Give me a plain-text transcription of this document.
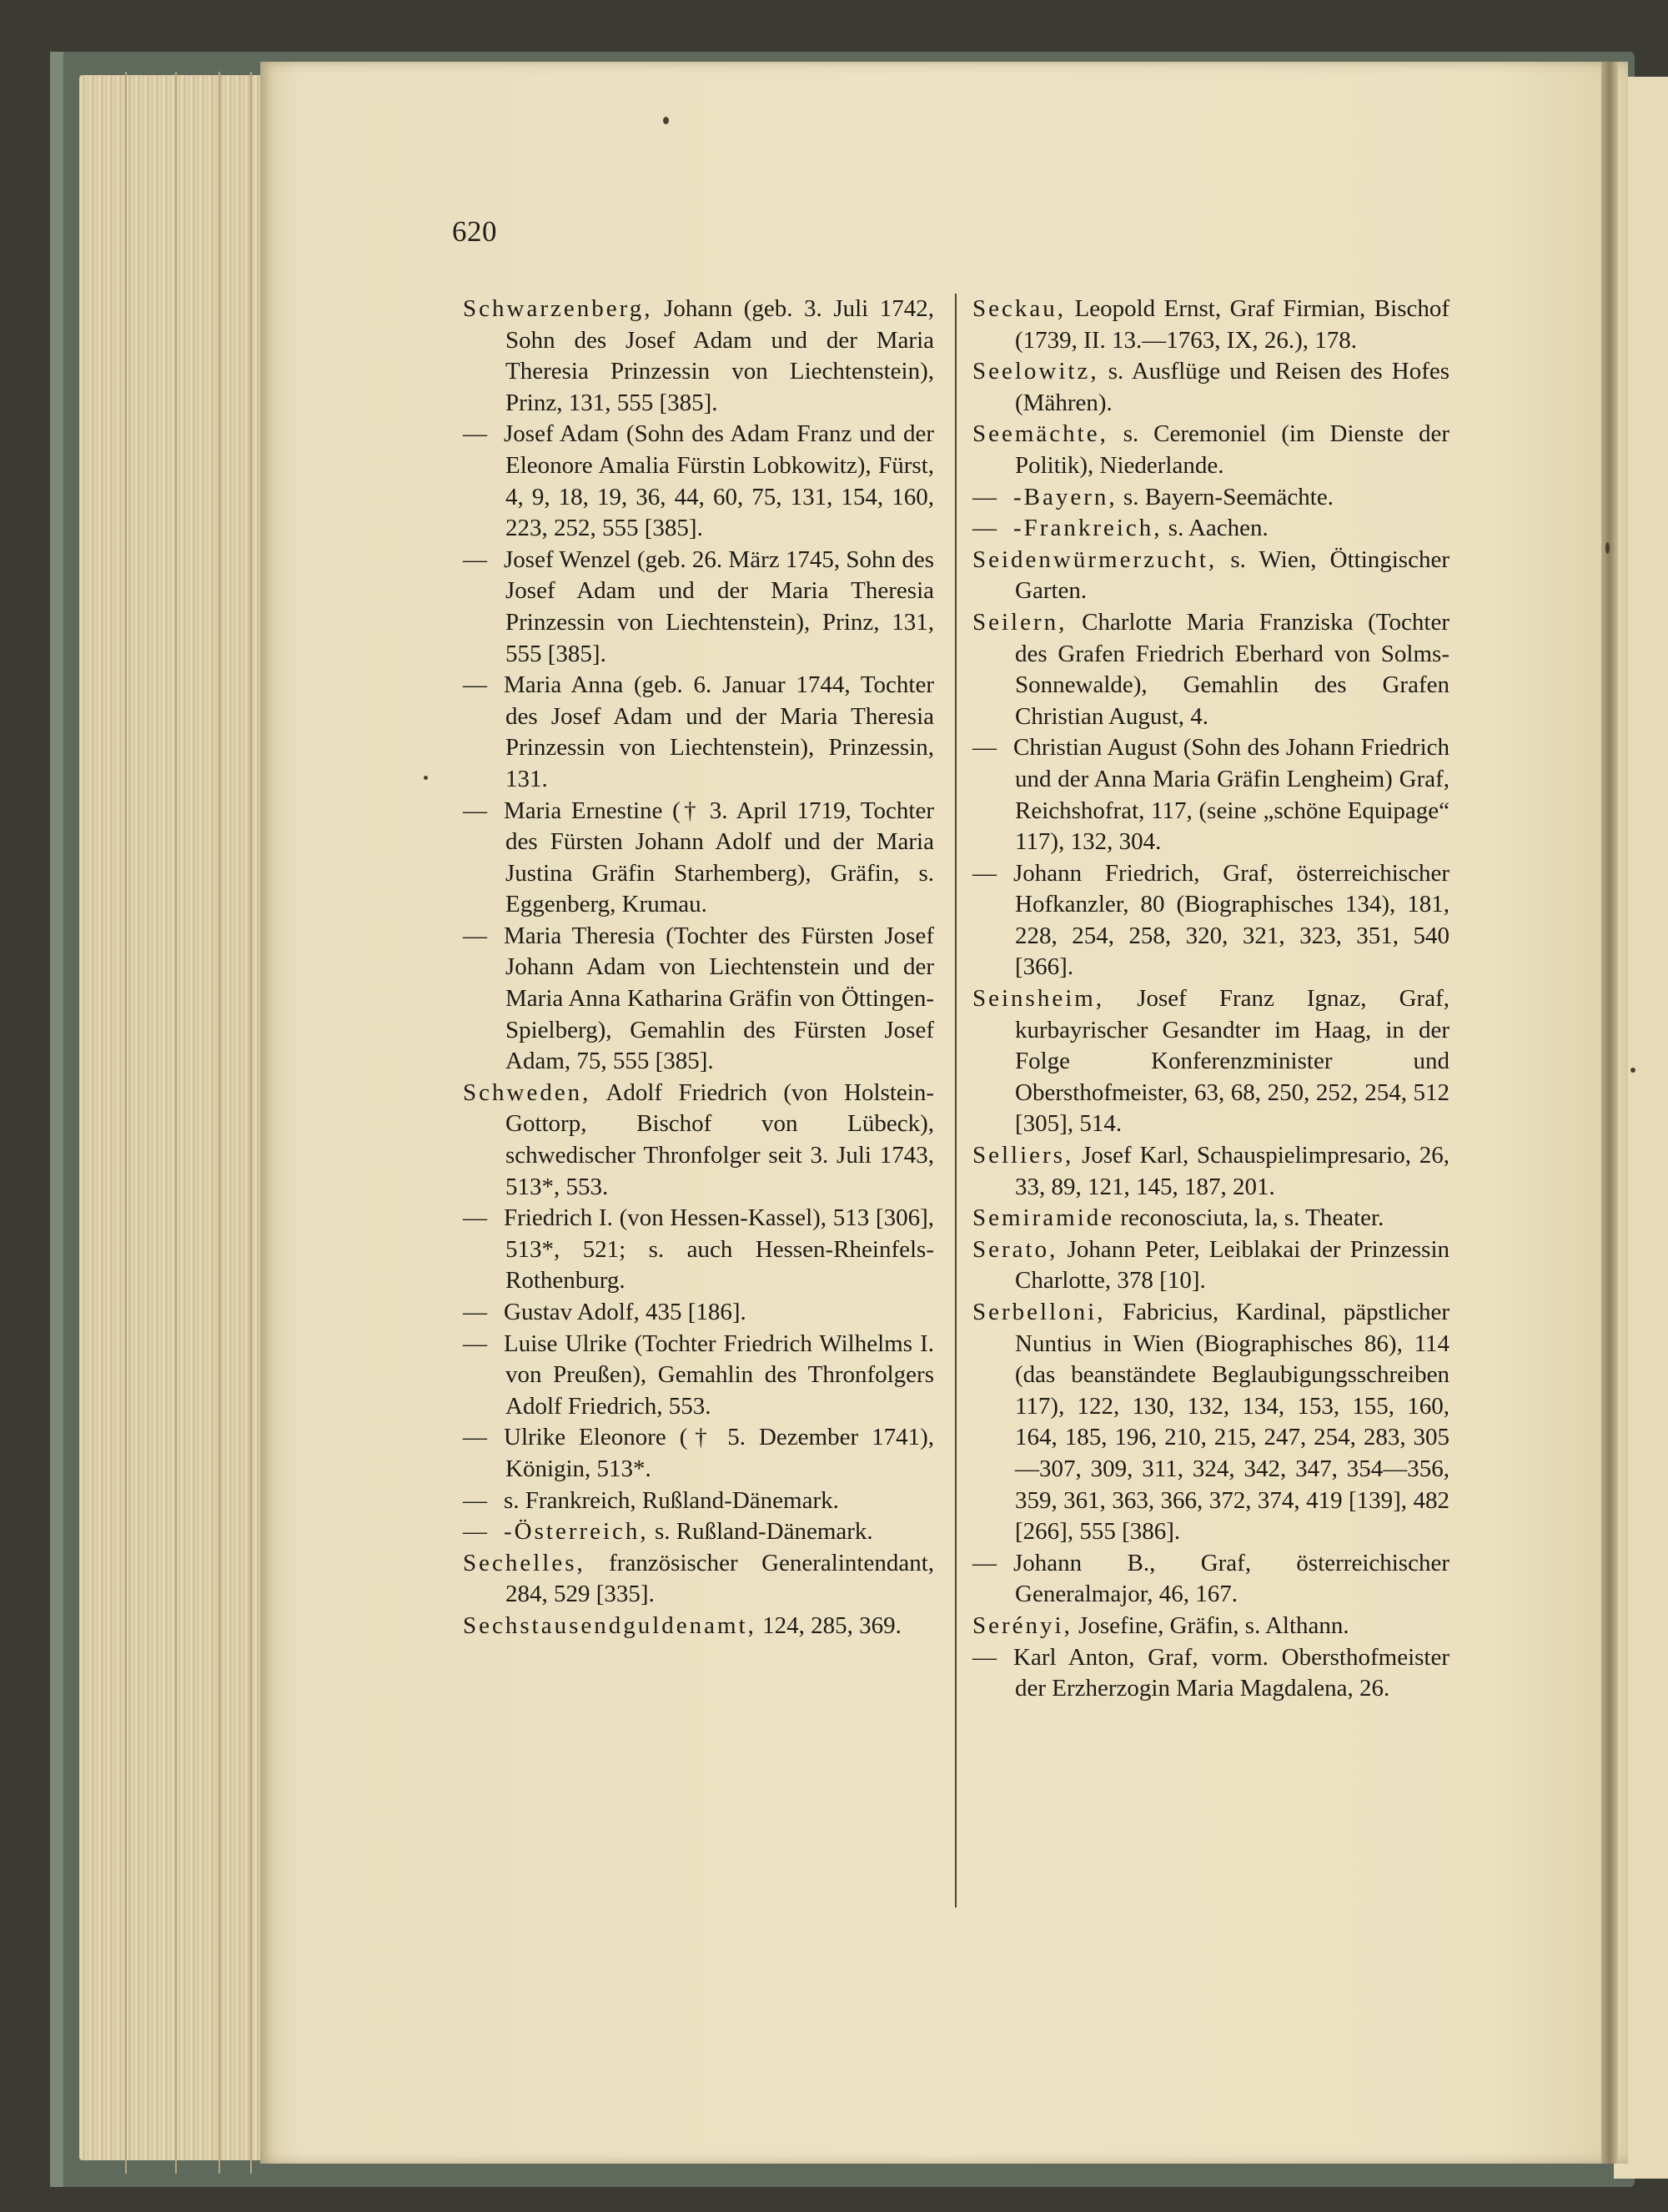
620
Schwarzenberg, Johann (geb. 3. Juli 1742, Sohn des Josef Adam und der Maria Theresia Prinzessin von Liechtenstein), Prinz, 131, 555 [385].
— Josef Adam (Sohn des Adam Franz und der Eleonore Amalia Fürstin Lobkowitz), Fürst, 4, 9, 18, 19, 36, 44, 60, 75, 131, 154, 160, 223, 252, 555 [385].
— Josef Wenzel (geb. 26. März 1745, Sohn des Josef Adam und der Maria Theresia Prinzessin von Liechtenstein), Prinz, 131, 555 [385].
— Maria Anna (geb. 6. Januar 1744, Tochter des Josef Adam und der Maria Theresia Prinzessin von Liechtenstein), Prinzessin, 131.
— Maria Ernestine († 3. April 1719, Tochter des Fürsten Johann Adolf und der Maria Justina Gräfin Starhemberg), Gräfin, s. Eggenberg, Krumau.
— Maria Theresia (Tochter des Fürsten Josef Johann Adam von Liechtenstein und der Maria Anna Katharina Gräfin von Öttingen-Spielberg), Gemahlin des Fürsten Josef Adam, 75, 555 [385].
Schweden, Adolf Friedrich (von Holstein-Gottorp, Bischof von Lübeck), schwedischer Thronfolger seit 3. Juli 1743, 513*, 553.
— Friedrich I. (von Hessen-Kassel), 513 [306], 513*, 521; s. auch Hessen-Rheinfels-Rothenburg.
— Gustav Adolf, 435 [186].
— Luise Ulrike (Tochter Friedrich Wilhelms I. von Preußen), Gemahlin des Thronfolgers Adolf Friedrich, 553.
— Ulrike Eleonore († 5. Dezember 1741), Königin, 513*.
— s. Frankreich, Rußland-Dänemark.
— -Österreich, s. Rußland-Dänemark.
Sechelles, französischer Generalintendant, 284, 529 [335].
Sechstausendguldenamt, 124, 285, 369.
Seckau, Leopold Ernst, Graf Firmian, Bischof (1739, II. 13.—1763, IX, 26.), 178.
Seelowitz, s. Ausflüge und Reisen des Hofes (Mähren).
Seemächte, s. Ceremoniel (im Dienste der Politik), Niederlande.
— -Bayern, s. Bayern-Seemächte.
— -Frankreich, s. Aachen.
Seidenwürmerzucht, s. Wien, Öttingischer Garten.
Seilern, Charlotte Maria Franziska (Tochter des Grafen Friedrich Eberhard von Solms-Sonnewalde), Gemahlin des Grafen Christian August, 4.
— Christian August (Sohn des Johann Friedrich und der Anna Maria Gräfin Lengheim) Graf, Reichshofrat, 117, (seine „schöne Equipage“ 117), 132, 304.
— Johann Friedrich, Graf, österreichischer Hofkanzler, 80 (Biographisches 134), 181, 228, 254, 258, 320, 321, 323, 351, 540 [366].
Seinsheim, Josef Franz Ignaz, Graf, kurbayrischer Gesandter im Haag, in der Folge Konferenzminister und Obersthofmeister, 63, 68, 250, 252, 254, 512 [305], 514.
Selliers, Josef Karl, Schauspielimpresario, 26, 33, 89, 121, 145, 187, 201.
Semiramide reconosciuta, la, s. Theater.
Serato, Johann Peter, Leiblakai der Prinzessin Charlotte, 378 [10].
Serbelloni, Fabricius, Kardinal, päpstlicher Nuntius in Wien (Biographisches 86), 114 (das beanständete Beglaubigungsschreiben 117), 122, 130, 132, 134, 153, 155, 160, 164, 185, 196, 210, 215, 247, 254, 283, 305—307, 309, 311, 324, 342, 347, 354—356, 359, 361, 363, 366, 372, 374, 419 [139], 482 [266], 555 [386].
— Johann B., Graf, österreichischer Generalmajor, 46, 167.
Serényi, Josefine, Gräfin, s. Althann.
— Karl Anton, Graf, vorm. Obersthofmeister der Erzherzogin Maria Magdalena, 26.
